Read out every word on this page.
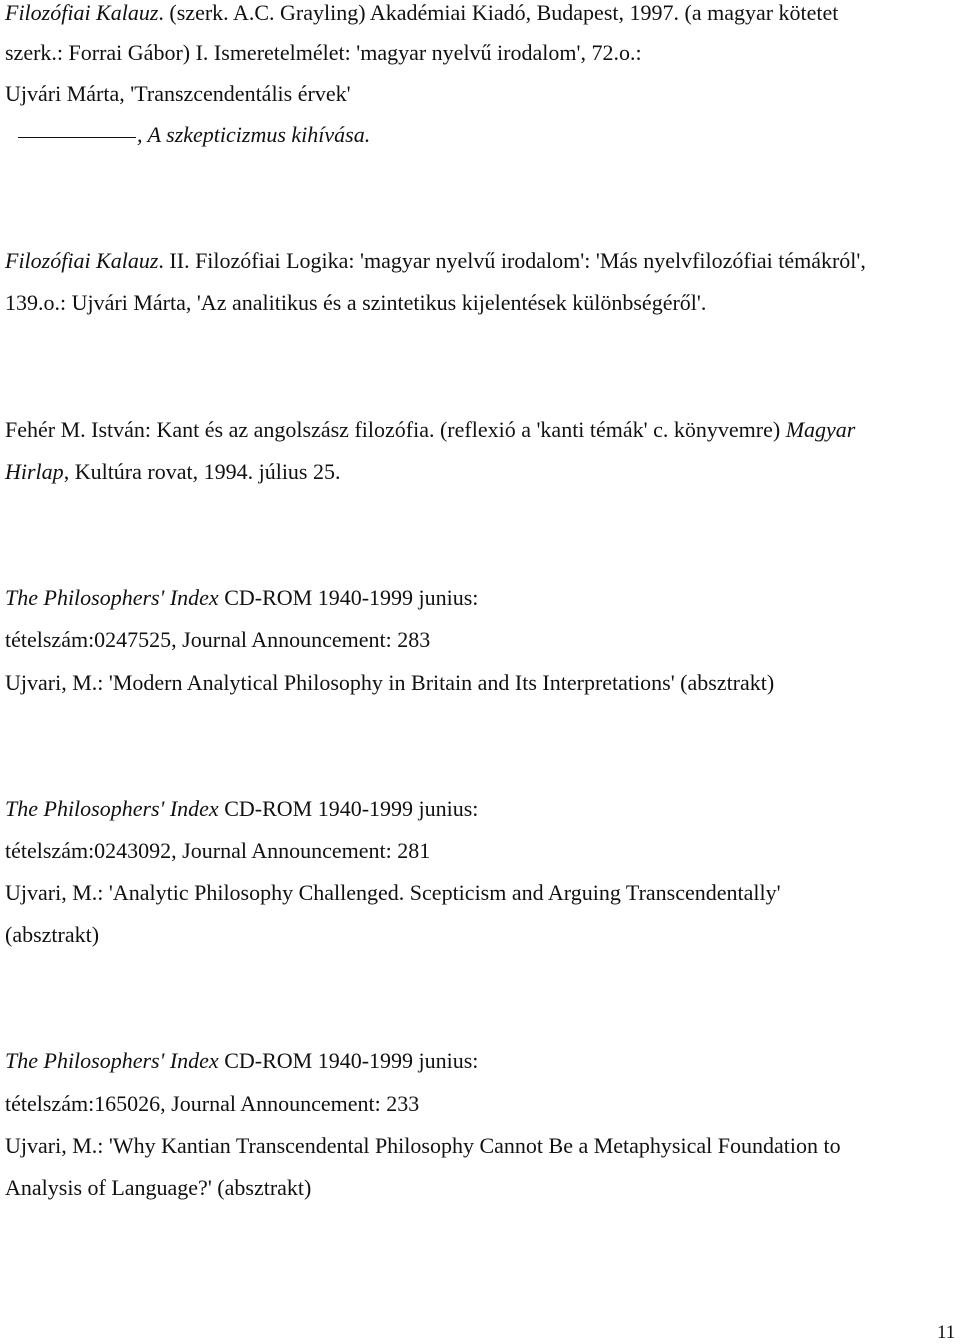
Filozófiai Kalauz. (szerk. A.C. Grayling) Akadémiai Kiadó, Budapest, 1997. (a magyar kötetet
szerk.: Forrai Gábor) I. Ismeretelmélet: 'magyar nyelvű irodalom', 72.o.:
Ujvári Márta, 'Transzcendentális érvek'
, A szkepticizmus kihívása.
Filozófiai Kalauz. II. Filozófiai Logika: 'magyar nyelvű irodalom': 'Más nyelvfilozófiai témákról',
139.o.: Ujvári Márta, 'Az analitikus és a szintetikus kijelentések különbségéről'.
Fehér M. István: Kant és az angolszász filozófia. (reflexió a 'kanti témák' c. könyvemre) Magyar
Hirlap, Kultúra rovat, 1994. július 25.
The Philosophers' Index CD-ROM 1940-1999 junius:
tételszám:0247525, Journal Announcement: 283
Ujvari, M.: 'Modern Analytical Philosophy in Britain and Its Interpretations' (absztrakt)
The Philosophers' Index CD-ROM 1940-1999 junius:
tételszám:0243092, Journal Announcement: 281
Ujvari, M.: 'Analytic Philosophy Challenged. Scepticism and Arguing Transcendentally'
(absztrakt)
The Philosophers' Index CD-ROM 1940-1999 junius:
tételszám:165026, Journal Announcement: 233
Ujvari, M.: 'Why Kantian Transcendental Philosophy Cannot Be a Metaphysical Foundation to
Analysis of Language?' (absztrakt)
11
